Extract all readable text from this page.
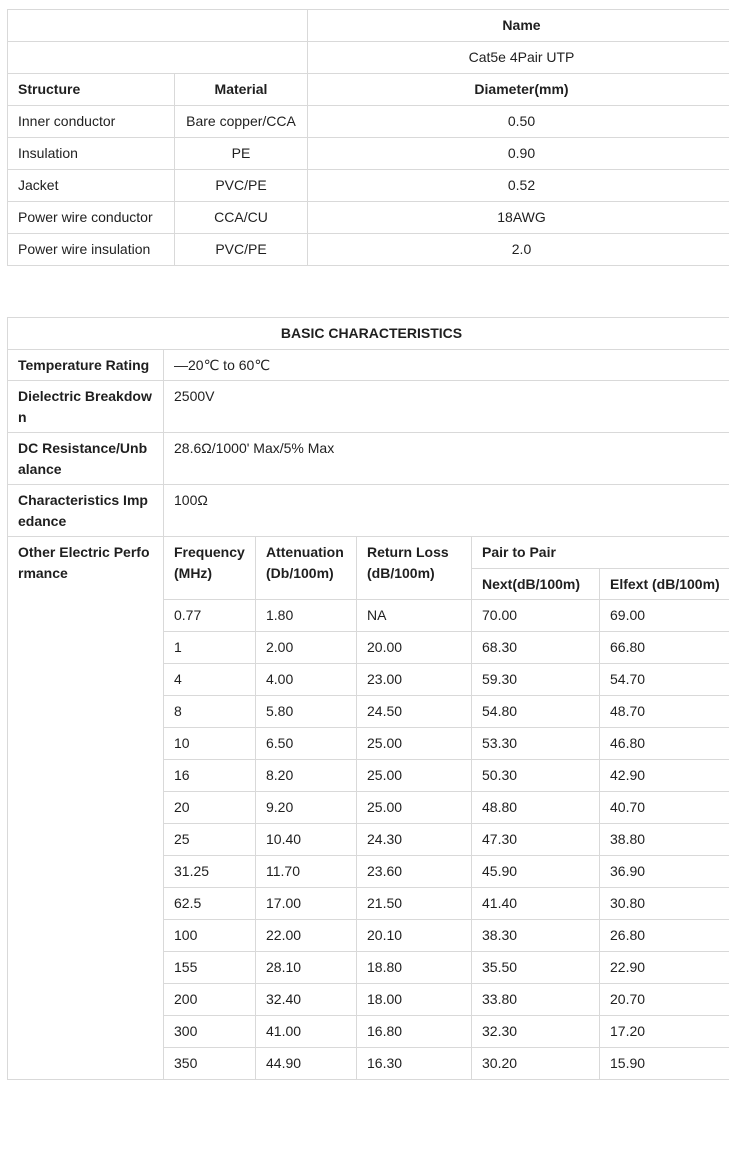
		Name
		Cat5e 4Pair UTP
Structure	Material	Diameter(mm)
Inner conductor	Bare copper/CCA	0.50
Insulation	PE	0.90
Jacket	PVC/PE	0.52
Power wire conductor	CCA/CU	18AWG
Power wire insulation	PVC/PE	2.0
BASIC CHARACTERISTICS					
Temperature Rating	—20℃ to 60℃				
Dielectric Breakdown	2500V				
DC Resistance/Unbalance	28.6Ω/1000' Max/5% Max				
Characteristics Impedance	100Ω				
Other Electric Performance	Frequency (MHz)	Attenuation(Db/100m)	Return Loss (dB/100m)	Pair to Pair	
				Next(dB/100m)	Elfext (dB/100m)
	0.77	1.80	NA	70.00	69.00
	1	2.00	20.00	68.30	66.80
	4	4.00	23.00	59.30	54.70
	8	5.80	24.50	54.80	48.70
	10	6.50	25.00	53.30	46.80
	16	8.20	25.00	50.30	42.90
	20	9.20	25.00	48.80	40.70
	25	10.40	24.30	47.30	38.80
	31.25	11.70	23.60	45.90	36.90
	62.5	17.00	21.50	41.40	30.80
	100	22.00	20.10	38.30	26.80
	155	28.10	18.80	35.50	22.90
	200	32.40	18.00	33.80	20.70
	300	41.00	16.80	32.30	17.20
	350	44.90	16.30	30.20	15.90
